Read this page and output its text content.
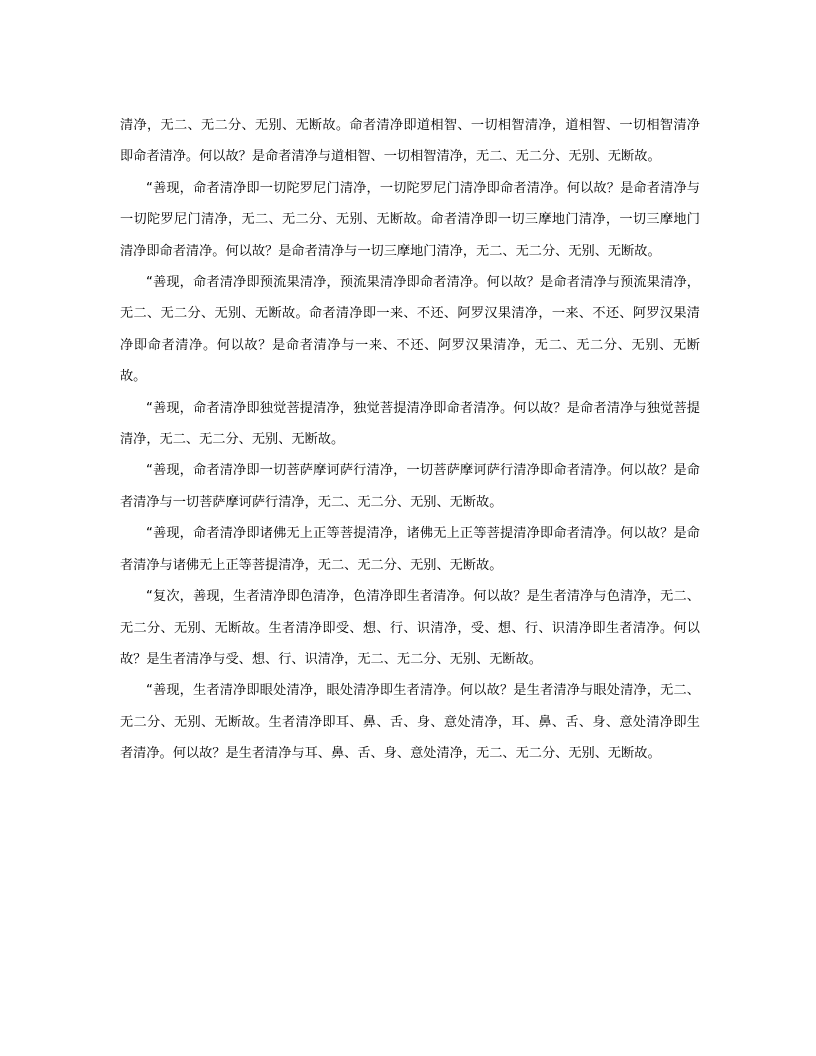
清净，无二、无二分、无别、无断故。命者清净即道相智、一切相智清净，道相智、一切相智清净即命者清净。何以故？是命者清净与道相智、一切相智清净，无二、无二分、无别、无断故。

“善现，命者清净即一切陀罗尼门清净，一切陀罗尼门清净即命者清净。何以故？是命者清净与一切陀罗尼门清净，无二、无二分、无别、无断故。命者清净即一切三摩地门清净，一切三摩地门清净即命者清净。何以故？是命者清净与一切三摩地门清净，无二、无二分、无别、无断故。

“善现，命者清净即预流果清净，预流果清净即命者清净。何以故？是命者清净与预流果清净，无二、无二分、无别、无断故。命者清净即一来、不还、阿罗汉果清净，一来、不还、阿罗汉果清净即命者清净。何以故？是命者清净与一来、不还、阿罗汉果清净，无二、无二分、无别、无断故。

“善现，命者清净即独觉菩提清净，独觉菩提清净即命者清净。何以故？是命者清净与独觉菩提清净，无二、无二分、无别、无断故。

“善现，命者清净即一切菩萨摩诃萨行清净，一切菩萨摩诃萨行清净即命者清净。何以故？是命者清净与一切菩萨摩诃萨行清净，无二、无二分、无别、无断故。

“善现，命者清净即诸佛无上正等菩提清净，诸佛无上正等菩提清净即命者清净。何以故？是命者清净与诸佛无上正等菩提清净，无二、无二分、无别、无断故。

“复次，善现，生者清净即色清净，色清净即生者清净。何以故？是生者清净与色清净，无二、无二分、无别、无断故。生者清净即受、想、行、识清净，受、想、行、识清净即生者清净。何以故？是生者清净与受、想、行、识清净，无二、无二分、无别、无断故。

“善现，生者清净即眼处清净，眼处清净即生者清净。何以故？是生者清净与眼处清净，无二、无二分、无别、无断故。生者清净即耳、鼻、舌、身、意处清净，耳、鼻、舌、身、意处清净即生者清净。何以故？是生者清净与耳、鼻、舌、身、意处清净，无二、无二分、无别、无断故。
